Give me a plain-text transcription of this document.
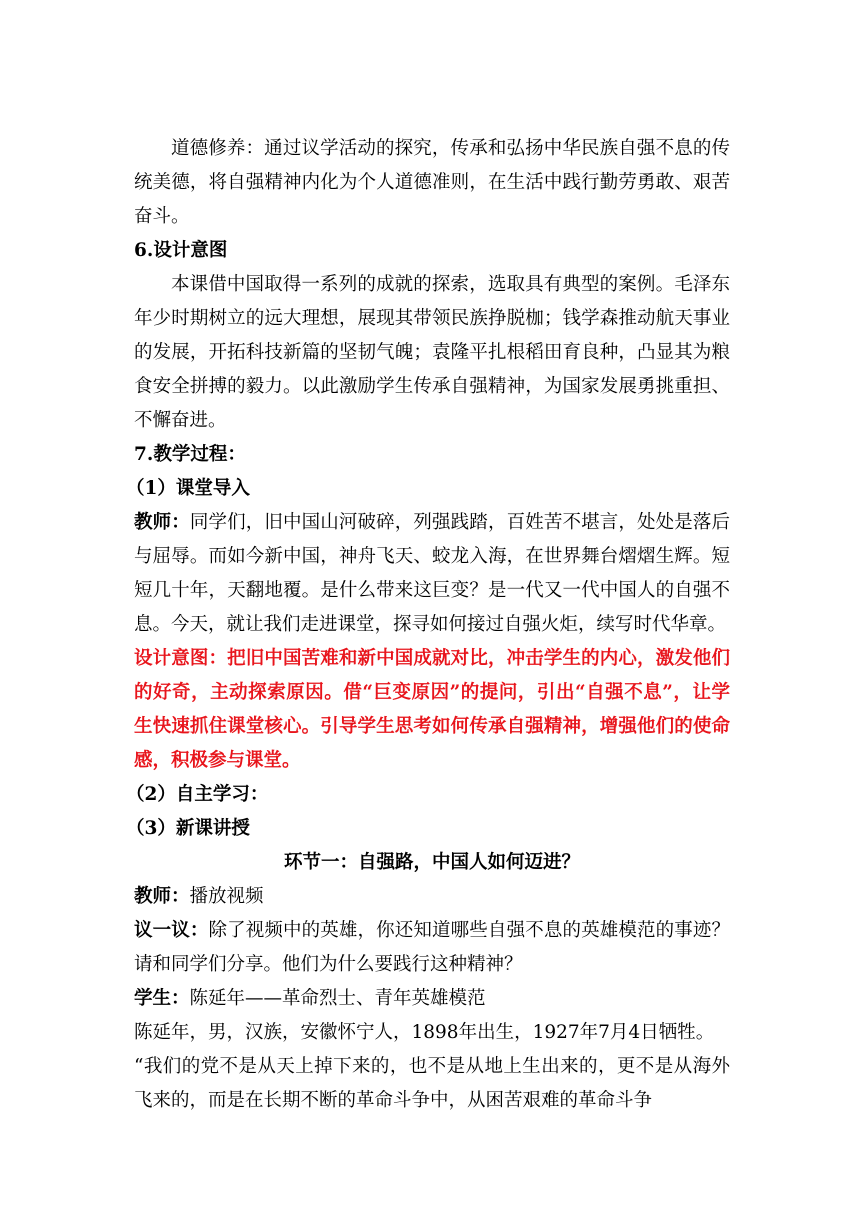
道德修养：通过议学活动的探究，传承和弘扬中华民族自强不息的传统美德，将自强精神内化为个人道德准则，在生活中践行勤劳勇敢、艰苦奋斗。

6.设计意图

本课借中国取得一系列的成就的探索，选取具有典型的案例。毛泽东年少时期树立的远大理想，展现其带领民族挣脱枷；钱学森推动航天事业的发展，开拓科技新篇的坚韧气魄；袁隆平扎根稻田育良种，凸显其为粮食安全拼搏的毅力。以此激励学生传承自强精神，为国家发展勇挑重担、不懈奋进。

7.教学过程：

（1）课堂导入

教师：同学们，旧中国山河破碎，列强践踏，百姓苦不堪言，处处是落后与屈辱。而如今新中国，神舟飞天、蛟龙入海，在世界舞台熠熠生辉。短短几十年，天翻地覆。是什么带来这巨变？是一代又一代中国人的自强不息。今天，就让我们走进课堂，探寻如何接过自强火炬，续写时代华章。

设计意图：把旧中国苦难和新中国成就对比，冲击学生的内心，激发他们的好奇，主动探索原因。借“巨变原因”的提问，引出“自强不息”，让学生快速抓住课堂核心。引导学生思考如何传承自强精神，增强他们的使命感，积极参与课堂。

（2）自主学习：

（3）新课讲授

环节一：自强路，中国人如何迈进？

教师：播放视频

议一议：除了视频中的英雄，你还知道哪些自强不息的英雄模范的事迹？请和同学们分享。他们为什么要践行这种精神？

学生：陈延年——革命烈士、青年英雄模范

陈延年，男，汉族，安徽怀宁人，1898年出生，1927年7月4日牺牲。

“我们的党不是从天上掉下来的，也不是从地上生出来的，更不是从海外飞来的，而是在长期不断的革命斗争中，从困苦艰难的革命斗争
